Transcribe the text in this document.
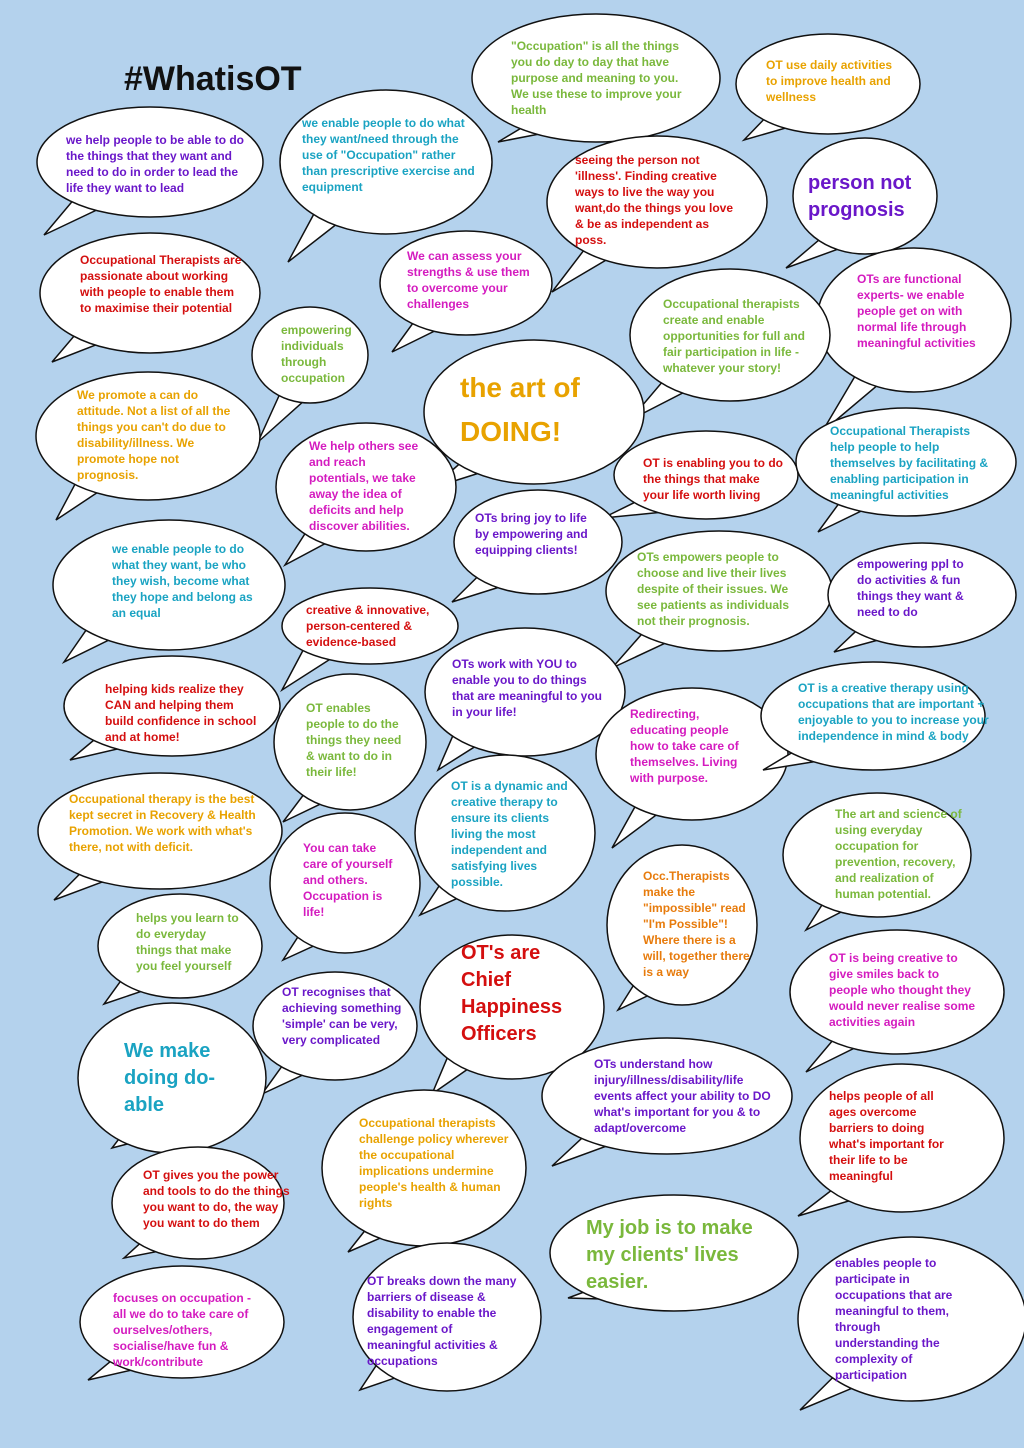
#WhatisOT

we help people to be able to do the things that they want and need to do in order to lead the life they want to lead

we enable people to do what they want/need through the use of "Occupation" rather than prescriptive exercise and equipment

"Occupation" is all the things you do day to day that have purpose and meaning to you. We use these to improve your health

OT use daily activities to improve health and wellness

seeing the person not 'illness'. Finding creative ways to live the way you want,do the things you love & be as independent as poss.

person not prognosis

Occupational Therapists are passionate about working with people to enable them to maximise their potential

We can assess your strengths & use them to overcome your challenges

empowering individuals through occupation

OTs are functional experts- we enable people get on with normal life through meaningful activities

Occupational therapists create and enable opportunities for full and fair participation in life - whatever your story!

the art of DOING!

We promote a can do attitude. Not a list of all the things you can't do due to disability/illness. We promote hope not prognosis.

We help others see and reach potentials, we take away the idea of deficits and help discover abilities.

OT is enabling you to do the things that make your life worth living

Occupational Therapists help people to help themselves by facilitating & enabling participation in meaningful activities

OTs bring joy to life by empowering and equipping clients!

we enable people to do what they want, be who they wish, become what they hope and belong as an equal

OTs empowers people to choose and live their lives despite of their issues. We see patients as individuals not their prognosis.

empowering ppl to do activities & fun things they want & need to do

creative & innovative, person-centered & evidence-based

OTs work with YOU to enable you to do things that are meaningful to you in your life!

helping kids realize they CAN and helping them build confidence in school and at home!

OT enables people to do the things they need & want to do in their life!

Redirecting, educating people how to take care of themselves. Living with purpose.

OT is a creative therapy using occupations that are important + enjoyable to you to increase your independence in mind & body

Occupational therapy is the best kept secret in Recovery & Health Promotion. We work with what's there, not with deficit.

OT is a dynamic and creative therapy to ensure its clients living the most independent and satisfying lives possible.

The art and science of using everyday occupation for prevention, recovery, and realization of human potential.

You can take care of yourself and others. Occupation is life!

helps you learn to do everyday things that make you feel yourself

Occ.Therapists make the "impossible" read "I'm Possible"! Where there is a will, together there is a way

OT's are Chief Happiness Officers

OT is being creative to give smiles back to people who thought they would never realise some activities again

OT recognises that achieving something 'simple' can be very, very complicated

We make doing do-able

OTs understand how injury/illness/disability/life events affect your ability to DO what's important for you & to adapt/overcome

helps people of all ages overcome barriers to doing what's important for their life to be meaningful

Occupational therapists challenge policy wherever the occupational implications undermine people's health & human rights

OT gives you the power and tools to do the things you want to do, the way you want to do them	My job is to make my clients' lives easier.

focuses on occupation - all we do to take care of ourselves/others, socialise/have fun & work/contribute

OT breaks down the many barriers of disease & disability to enable the engagement of meaningful activities & occupations

enables people to participate in occupations that are meaningful to them, through understanding the complexity of participation
